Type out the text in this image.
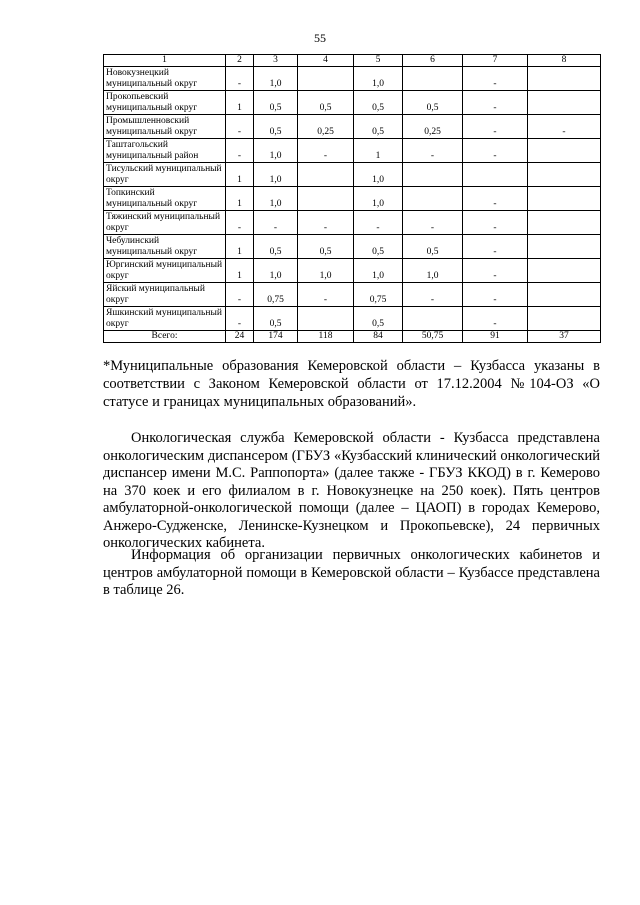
55
1	2	3	4	5	6	7	8
Новокузнецкий муниципальный округ	-	1,0		1,0		-	
Прокопьевский муниципальный округ	1	0,5	0,5	0,5	0,5	-	
Промышленновский муниципальный округ	-	0,5	0,25	0,5	0,25	-	-
Таштагольский муниципальный район	-	1,0	-	1	-	-	
Тисульский муниципальный округ	1	1,0		1,0			
Топкинский муниципальный округ	1	1,0		1,0		-	
Тяжинский муниципальный округ	-	-	-	-	-	-	
Чебулинский муниципальный округ	1	0,5	0,5	0,5	0,5	-	
Юргинский муниципальный округ	1	1,0	1,0	1,0	1,0	-	
Яйский муниципальный округ	-	0,75	-	0,75	-	-	
Яшкинский муниципальный округ	-	0,5		0,5		-	
Всего:	24	174	118	84	50,75	91	37
*Муниципальные образования Кемеровской области – Кузбасса указаны в соответствии с Законом Кемеровской области от 17.12.2004 №104-ОЗ «О статусе и границах муниципальных образований».
Онкологическая служба Кемеровской области - Кузбасса представлена онкологическим диспансером (ГБУЗ «Кузбасский клинический онкологический диспансер имени М.С. Раппопорта» (далее также - ГБУЗ ККОД) в г. Кемерово на 370 коек и его филиалом в г. Новокузнецке на 250 коек). Пять центров амбулаторной-онкологической помощи (далее – ЦАОП) в городах Кемерово, Анжеро-Судженске, Ленинске-Кузнецком и Прокопьевске), 24 первичных онкологических кабинета.
Информация об организации первичных онкологических кабинетов и центров амбулаторной помощи в Кемеровской области – Кузбассе представлена в таблице 26.
